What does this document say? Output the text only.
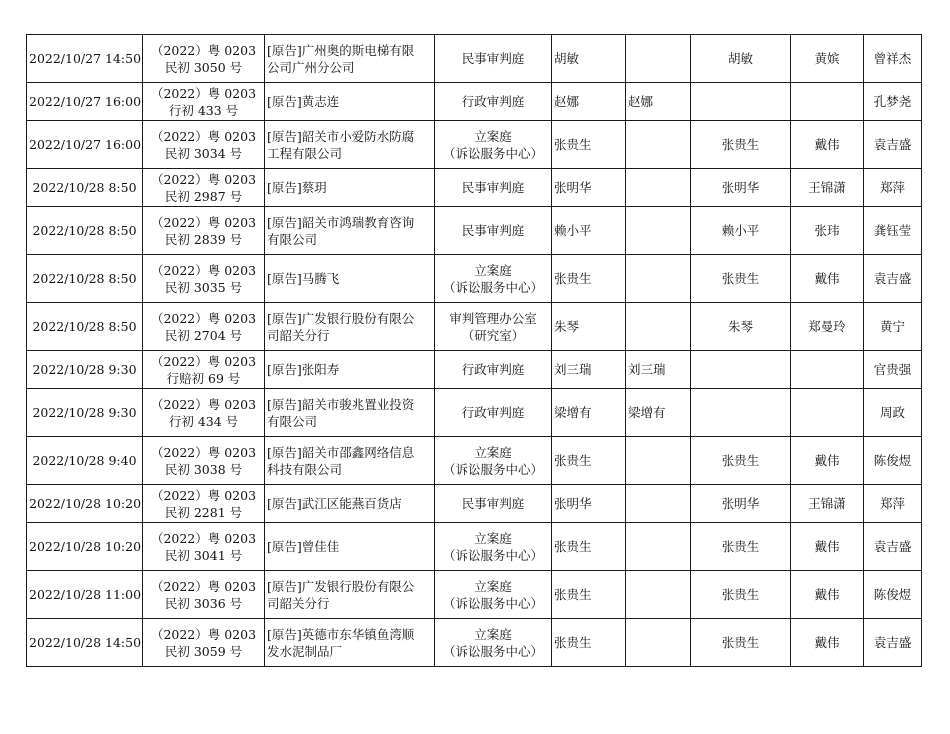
2022/10/27 14:50	（2022）粤 0203
民初 3050 号	[原告]广州奥的斯电梯有限
公司广州分公司	民事审判庭	胡敏		胡敏	黄嫔	曾祥杰
2022/10/27 16:00	（2022）粤 0203
行初 433 号	[原告]黄志连	行政审判庭	赵娜	赵娜			孔梦尧
2022/10/27 16:00	（2022）粤 0203
民初 3034 号	[原告]韶关市小爱防水防腐
工程有限公司	立案庭
（诉讼服务中心）	张贵生		张贵生	戴伟	袁吉盛
2022/10/28 8:50	（2022）粤 0203
民初 2987 号	[原告]蔡玥	民事审判庭	张明华		张明华	王锦潇	郑萍
2022/10/28 8:50	（2022）粤 0203
民初 2839 号	[原告]韶关市鸿瑞教育咨询
有限公司	民事审判庭	赖小平		赖小平	张玮	龚钰莹
2022/10/28 8:50	（2022）粤 0203
民初 3035 号	[原告]马腾飞	立案庭
（诉讼服务中心）	张贵生		张贵生	戴伟	袁吉盛
2022/10/28 8:50	（2022）粤 0203
民初 2704 号	[原告]广发银行股份有限公
司韶关分行	审判管理办公室
（研究室）	朱琴		朱琴	郑曼玲	黄宁
2022/10/28 9:30	（2022）粤 0203
行赔初 69 号	[原告]张阳寿	行政审判庭	刘三瑞	刘三瑞			官贵强
2022/10/28 9:30	（2022）粤 0203
行初 434 号	[原告]韶关市骏兆置业投资
有限公司	行政审判庭	梁增有	梁增有			周政
2022/10/28 9:40	（2022）粤 0203
民初 3038 号	[原告]韶关市邵鑫网络信息
科技有限公司	立案庭
（诉讼服务中心）	张贵生		张贵生	戴伟	陈俊煜
2022/10/28 10:20	（2022）粤 0203
民初 2281 号	[原告]武江区能燕百货店	民事审判庭	张明华		张明华	王锦潇	郑萍
2022/10/28 10:20	（2022）粤 0203
民初 3041 号	[原告]曾佳佳	立案庭
（诉讼服务中心）	张贵生		张贵生	戴伟	袁吉盛
2022/10/28 11:00	（2022）粤 0203
民初 3036 号	[原告]广发银行股份有限公
司韶关分行	立案庭
（诉讼服务中心）	张贵生		张贵生	戴伟	陈俊煜
2022/10/28 14:50	（2022）粤 0203
民初 3059 号	[原告]英德市东华镇鱼湾顺
发水泥制品厂	立案庭
（诉讼服务中心）	张贵生		张贵生	戴伟	袁吉盛
